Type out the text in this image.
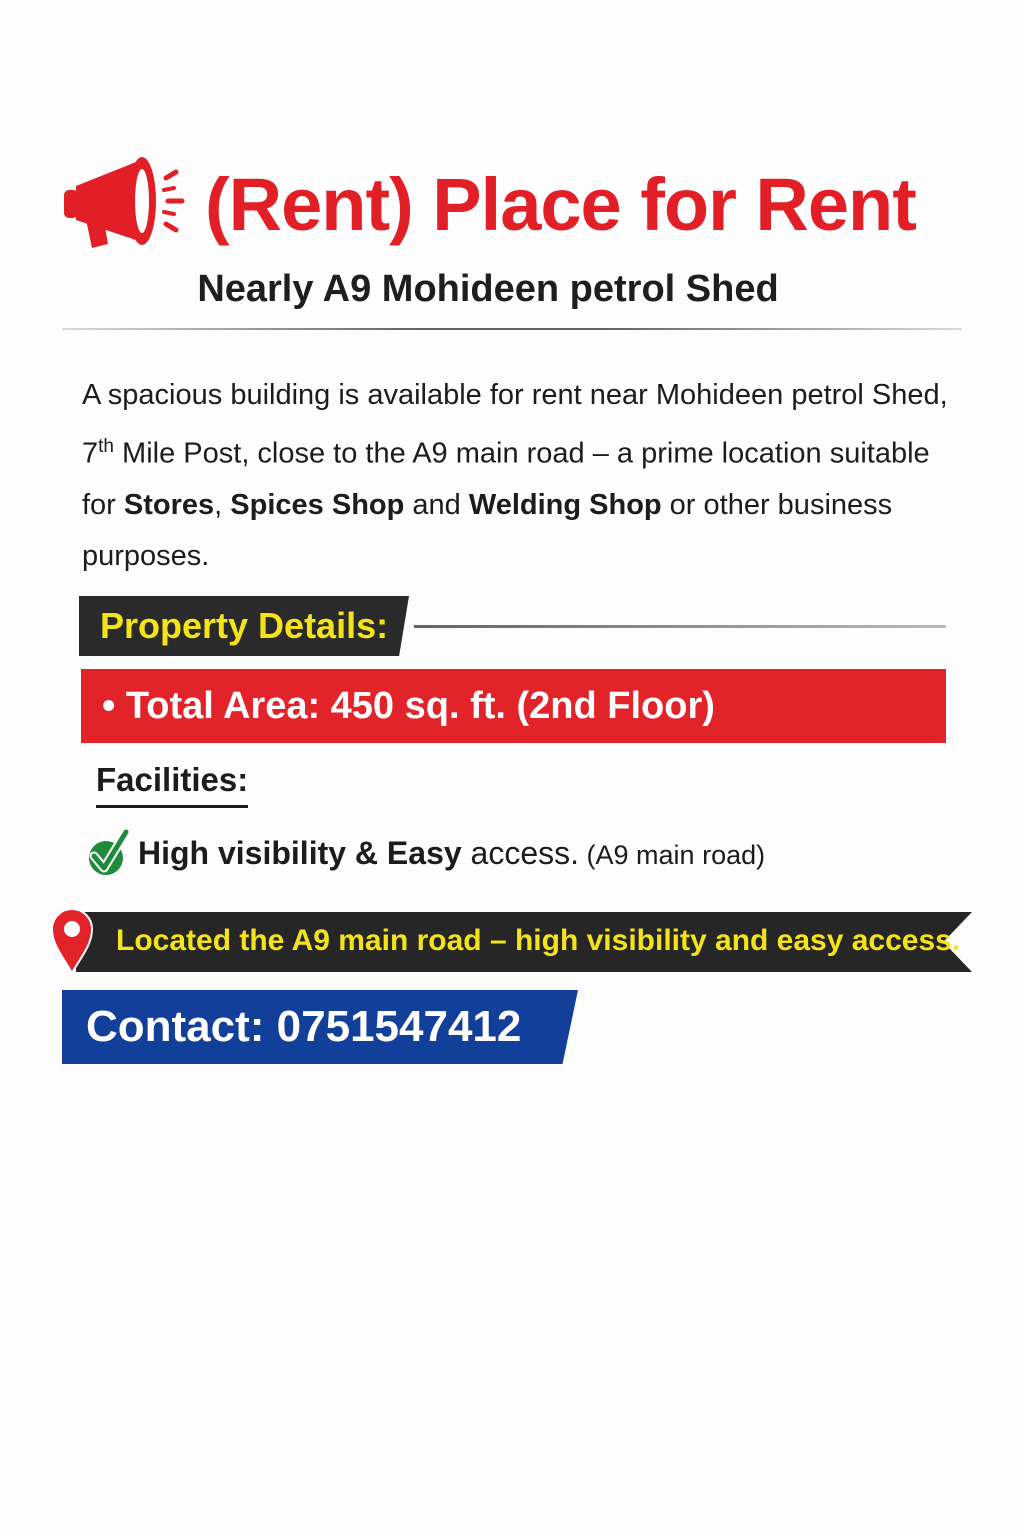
(Rent) Place for Rent
Nearly A9 Mohideen petrol Shed
A spacious building is available for rent near Mohideen petrol Shed, 7th Mile Post, close to the A9 main road – a prime location suitable for Stores, Spices Shop and Welding Shop or other business purposes.
Property Details:
• Total Area: 450 sq. ft. (2nd Floor)
Facilities:
High visibility & Easy access. (A9 main road)
Located the A9 main road – high visibility and easy access.
Contact: 0751547412
